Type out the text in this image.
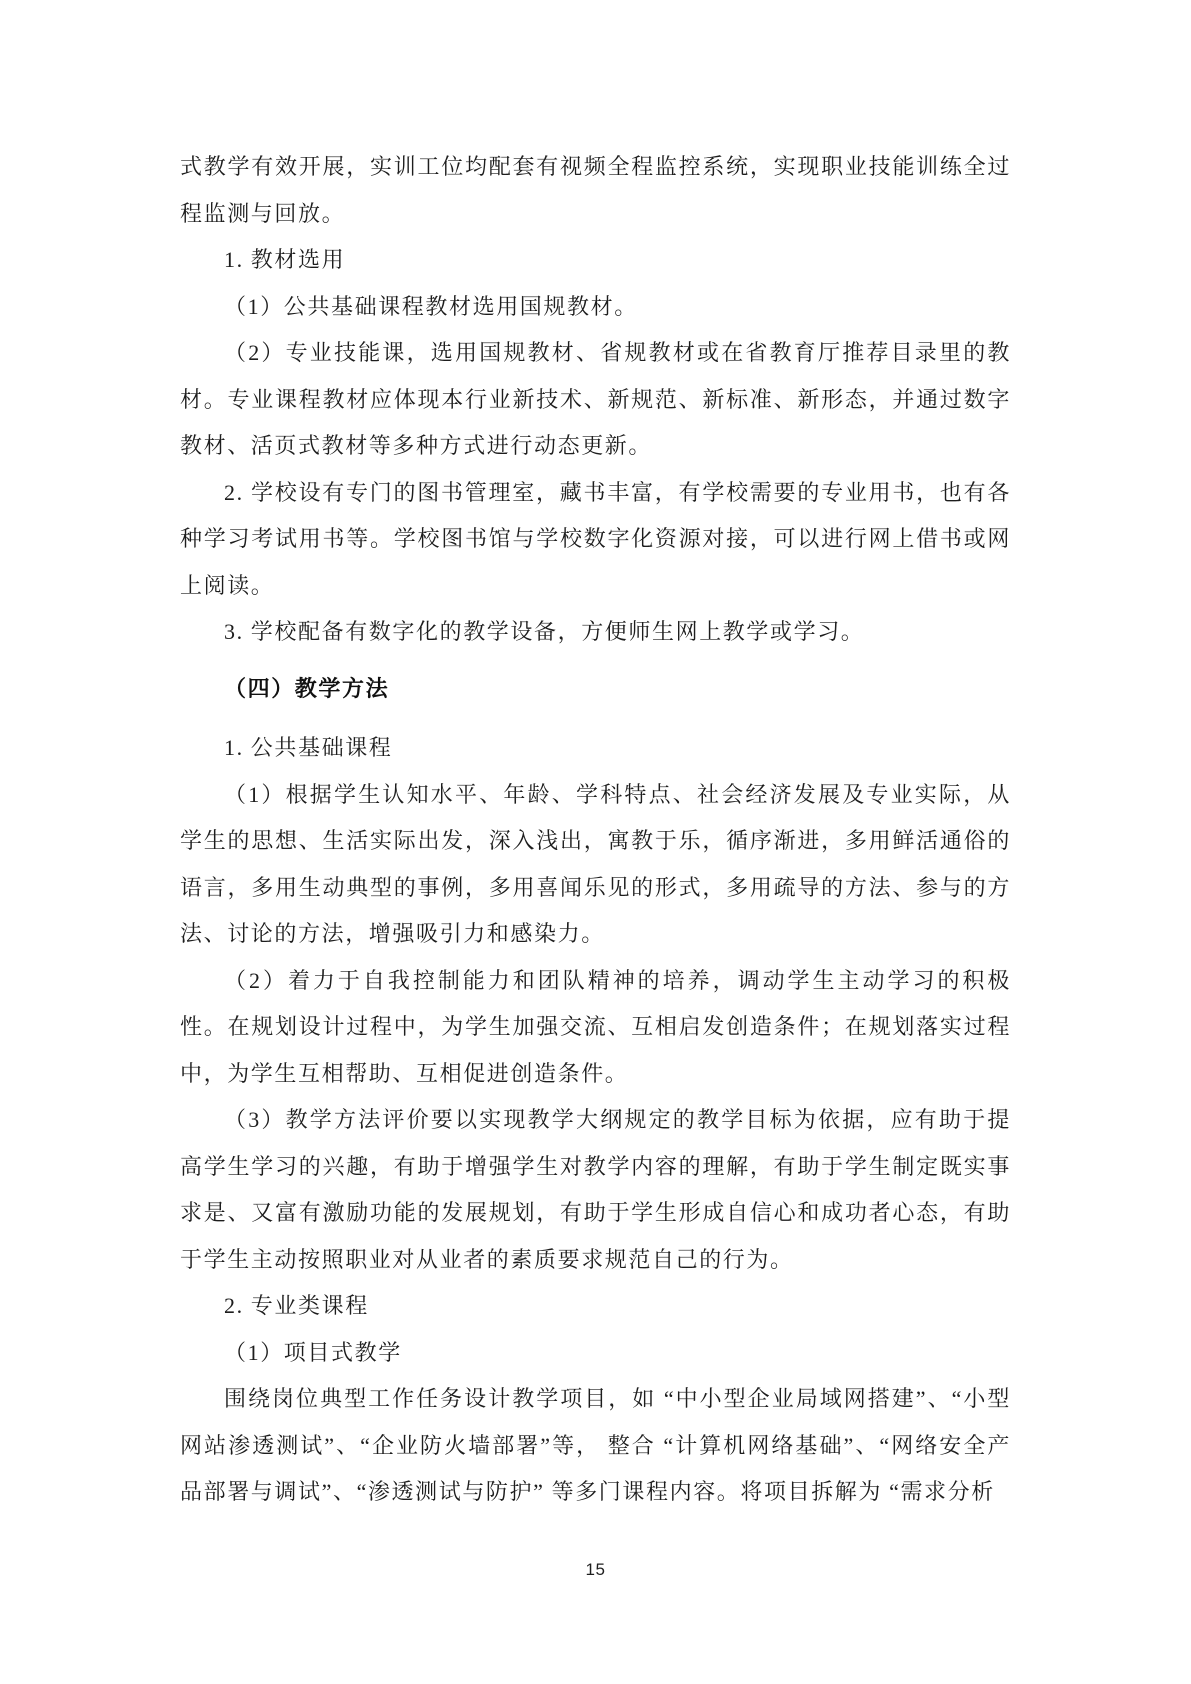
式教学有效开展，实训工位均配套有视频全程监控系统，实现职业技能训练全过程监测与回放。

1. 教材选用

（1）公共基础课程教材选用国规教材。

（2）专业技能课，选用国规教材、省规教材或在省教育厅推荐目录里的教材。专业课程教材应体现本行业新技术、新规范、新标准、新形态，并通过数字教材、活页式教材等多种方式进行动态更新。

2. 学校设有专门的图书管理室，藏书丰富，有学校需要的专业用书，也有各种学习考试用书等。学校图书馆与学校数字化资源对接，可以进行网上借书或网上阅读。

3. 学校配备有数字化的教学设备，方便师生网上教学或学习。

（四）教学方法

1. 公共基础课程

（1）根据学生认知水平、年龄、学科特点、社会经济发展及专业实际，从学生的思想、生活实际出发，深入浅出，寓教于乐，循序渐进，多用鲜活通俗的语言，多用生动典型的事例，多用喜闻乐见的形式，多用疏导的方法、参与的方法、讨论的方法，增强吸引力和感染力。

（2）着力于自我控制能力和团队精神的培养，调动学生主动学习的积极性。在规划设计过程中，为学生加强交流、互相启发创造条件；在规划落实过程中，为学生互相帮助、互相促进创造条件。

（3）教学方法评价要以实现教学大纲规定的教学目标为依据，应有助于提高学生学习的兴趣，有助于增强学生对教学内容的理解，有助于学生制定既实事求是、又富有激励功能的发展规划，有助于学生形成自信心和成功者心态，有助于学生主动按照职业对从业者的素质要求规范自己的行为。

2. 专业类课程

（1）项目式教学

围绕岗位典型工作任务设计教学项目，如 “中小型企业局域网搭建”、“小型网站渗透测试”、“企业防火墙部署”等， 整合 “计算机网络基础”、“网络安全产品部署与调试”、“渗透测试与防护” 等多门课程内容。将项目拆解为 “需求分析

15
